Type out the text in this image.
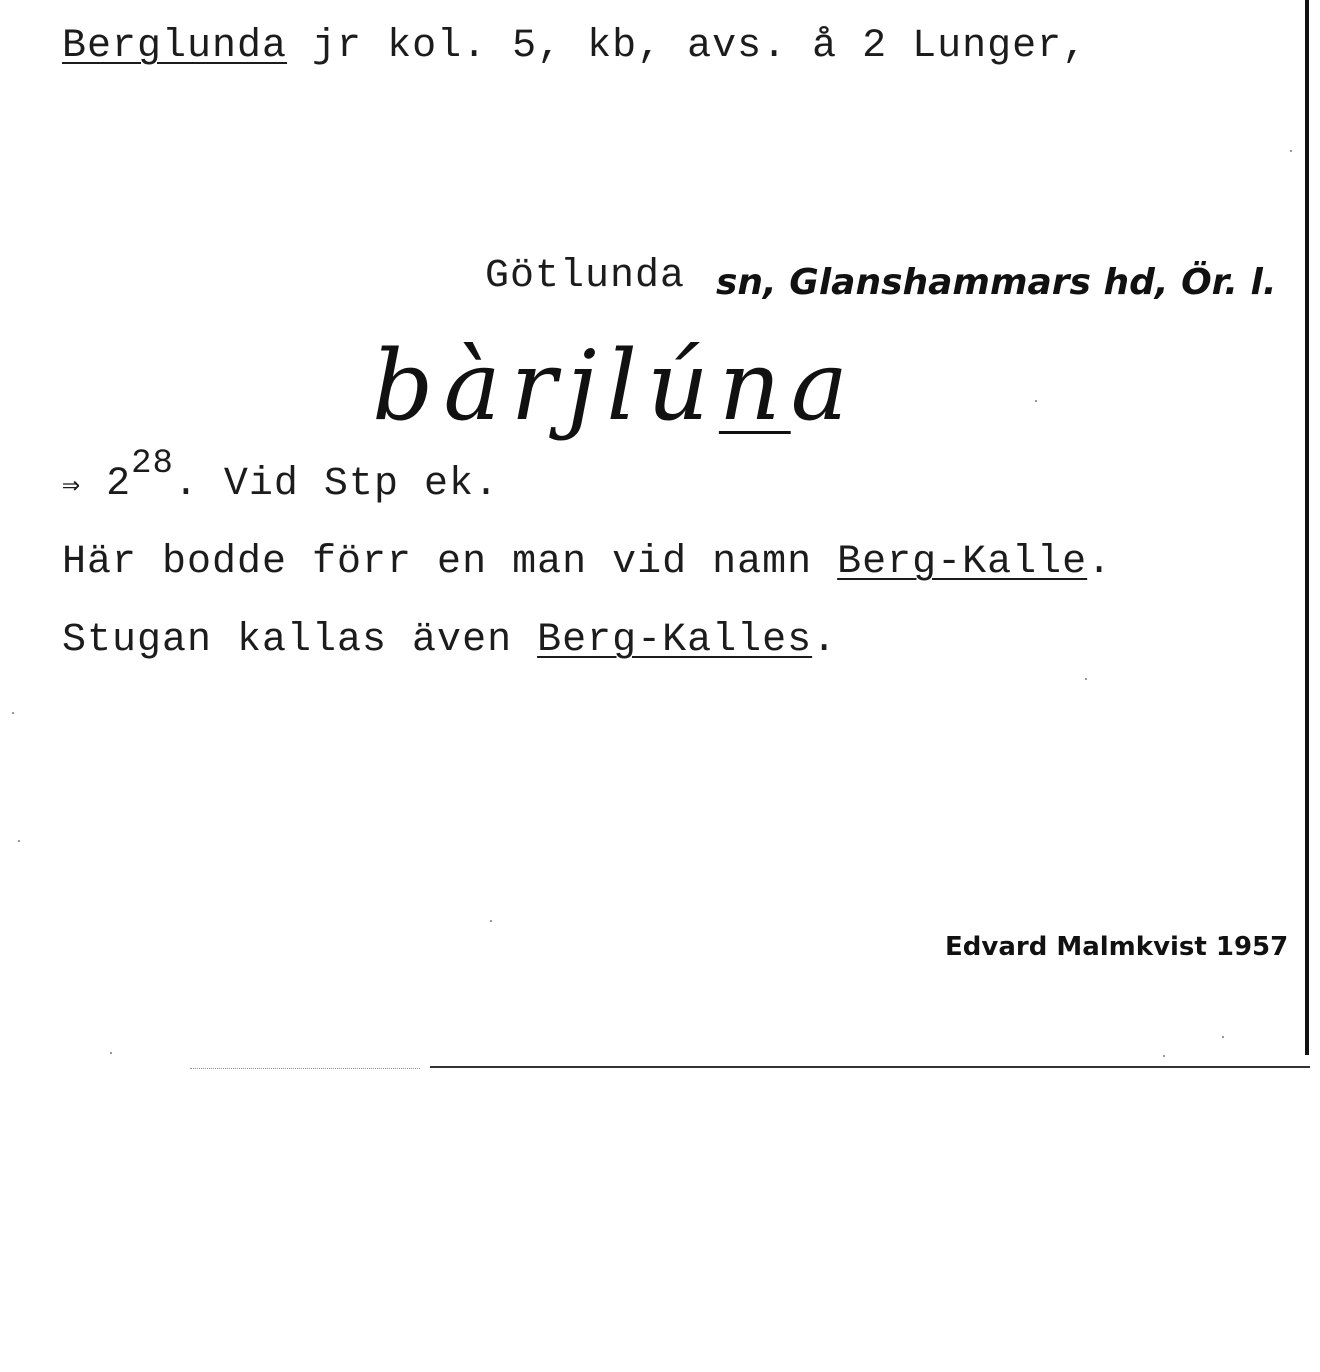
Berglunda jr kol. 5, kb, avs. å 2 Lunger,
Götlunda sn, Glanshammars hd, Ör. l.
bàrjlúna
⇒ $2^{28}$. Vid Stp ek.
Här bodde förr en man vid namn Berg-Kalle.
Stugan kallas även Berg-Kalles.
Edvard Malmkvist 1957
